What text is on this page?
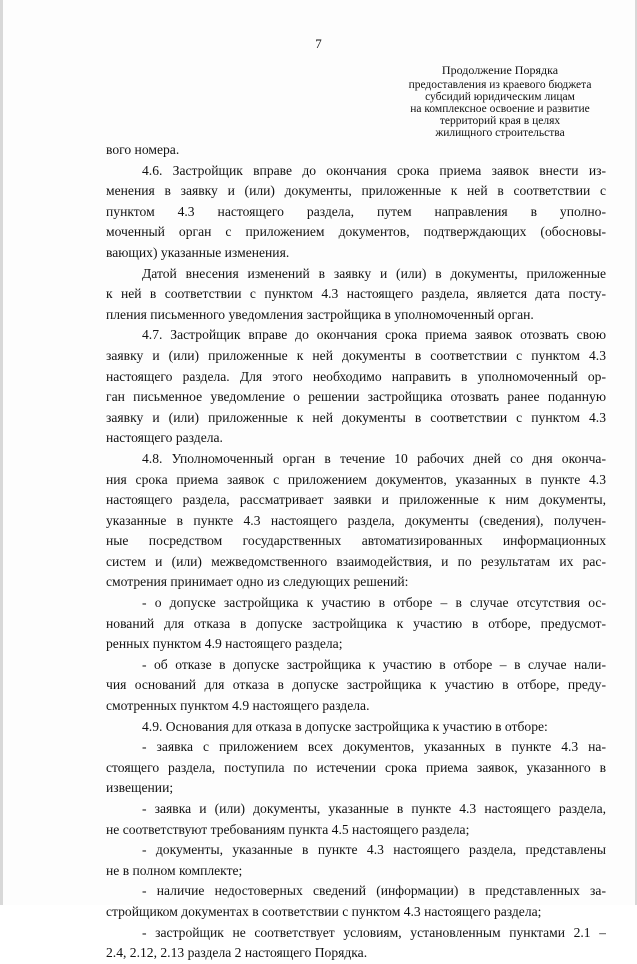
7
Продолжение Порядка
предоставления из краевого бюджета
субсидий юридическим лицам
на комплексное освоение и развитие
территорий края в целях
жилищного строительства
вого номера.
4.6. Застройщик вправе до окончания срока приема заявок внести из-
менения в заявку и (или) документы, приложенные к ней в соответствии с
пунктом 4.3 настоящего раздела, путем направления в уполно-
моченный орган с приложением документов, подтверждающих (обосновы-
вающих) указанные изменения.
Датой внесения изменений в заявку и (или) в документы, приложенные
к ней в соответствии с пунктом 4.3 настоящего раздела, является дата посту-
пления письменного уведомления застройщика в уполномоченный орган.
4.7. Застройщик вправе до окончания срока приема заявок отозвать свою
заявку и (или) приложенные к ней документы в соответствии с пунктом 4.3
настоящего раздела. Для этого необходимо направить в уполномоченный ор-
ган письменное уведомление о решении застройщика отозвать ранее поданную
заявку и (или) приложенные к ней документы в соответствии с пунктом 4.3
настоящего раздела.
4.8. Уполномоченный орган в течение 10 рабочих дней со дня оконча-
ния срока приема заявок с приложением документов, указанных в пункте 4.3
настоящего раздела, рассматривает заявки и приложенные к ним документы,
указанные в пункте 4.3 настоящего раздела, документы (сведения), получен-
ные посредством государственных автоматизированных информационных
систем и (или) межведомственного взаимодействия, и по результатам их рас-
смотрения принимает одно из следующих решений:
- о допуске застройщика к участию в отборе – в случае отсутствия ос-
нований для отказа в допуске застройщика к участию в отборе, предусмот-
ренных пунктом 4.9 настоящего раздела;
- об отказе в допуске застройщика к участию в отборе – в случае нали-
чия оснований для отказа в допуске застройщика к участию в отборе, преду-
смотренных пунктом 4.9 настоящего раздела.
4.9. Основания для отказа в допуске застройщика к участию в отборе:
- заявка с приложением всех документов, указанных в пункте 4.3 на-
стоящего раздела, поступила по истечении срока приема заявок, указанного в
извещении;
- заявка и (или) документы, указанные в пункте 4.3 настоящего раздела,
не соответствуют требованиям пункта 4.5 настоящего раздела;
- документы, указанные в пункте 4.3 настоящего раздела, представлены
не в полном комплекте;
- наличие недостоверных сведений (информации) в представленных за-
стройщиком документах в соответствии с пунктом 4.3 настоящего раздела;
- застройщик не соответствует условиям, установленным пунктами 2.1 –
2.4, 2.12, 2.13 раздела 2 настоящего Порядка.
